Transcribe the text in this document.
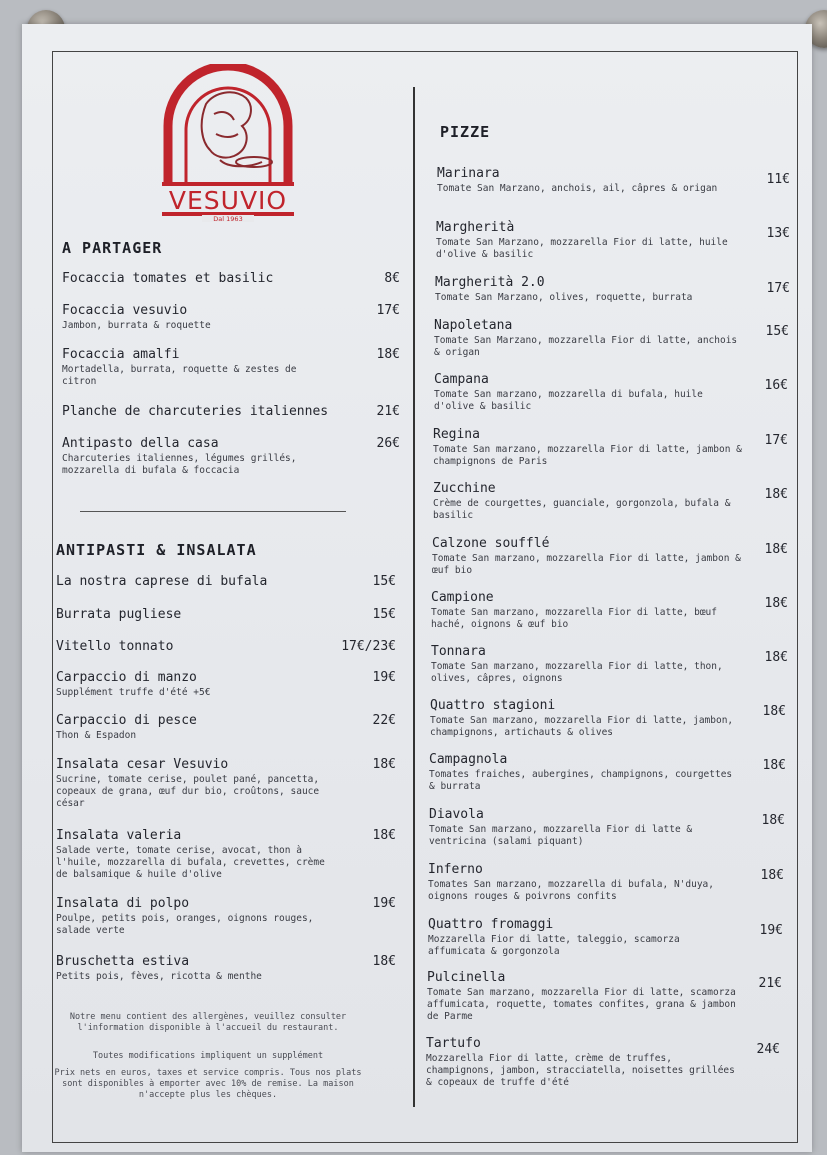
VESUVIO
Dal 1963
A PARTAGER
Focaccia tomates et basilic	8€
Focaccia vesuvio
Jambon, burrata & roquette
17€
Focaccia amalfi
Mortadella, burrata, roquette & zestes de citron
18€
Planche de charcuteries italiennes	21€
Antipasto della casa
Charcuteries italiennes, légumes grillés, mozzarella di bufala & foccacia
26€
ANTIPASTI & INSALATA
La nostra caprese di bufala	15€
Burrata pugliese	15€
Vitello tonnato	17€/23€
Carpaccio di manzo
Supplément truffe d'été +5€
19€
Carpaccio di pesce
Thon & Espadon
22€
Insalata cesar Vesuvio
Sucrine, tomate cerise, poulet pané, pancetta, copeaux de grana, œuf dur bio, croûtons, sauce césar
18€
Insalata valeria
Salade verte, tomate cerise, avocat, thon à l'huile, mozzarella di bufala, crevettes, crème de balsamique & huile d'olive
18€
Insalata di polpo
Poulpe, petits pois, oranges, oignons rouges, salade verte
19€
Bruschetta estiva
Petits pois, fèves, ricotta & menthe
18€
PIZZE
Marinara
Tomate San Marzano, anchois, ail, câpres & origan
11€
Margherità
Tomate San Marzano, mozzarella Fior di latte, huile d'olive & basilic
13€
Margherità 2.0
Tomate San Marzano, olives, roquette, burrata
17€
Napoletana
Tomate San Marzano, mozzarella Fior di latte, anchois & origan
15€
Campana
Tomate San marzano, mozzarella di bufala, huile d'olive & basilic
16€
Regina
Tomate San marzano, mozzarella Fior di latte, jambon & champignons de Paris
17€
Zucchine
Crème de courgettes, guanciale, gorgonzola, bufala & basilic
18€
Calzone soufflé
Tomate San marzano, mozzarella Fior di latte, jambon & œuf bio
18€
Campione
Tomate San marzano, mozzarella Fior di latte, bœuf haché, oignons & œuf bio
18€
Tonnara
Tomate San marzano, mozzarella Fior di latte, thon, olives, câpres, oignons
18€
Quattro stagioni
Tomate San marzano, mozzarella Fior di latte, jambon, champignons, artichauts & olives
18€
Campagnola
Tomates fraiches, aubergines, champignons, courgettes & burrata
18€
Diavola
Tomate San marzano, mozzarella Fior di latte & ventricina (salami piquant)
18€
Inferno
Tomates San marzano, mozzarella di bufala, N'duya, oignons rouges & poivrons confits
18€
Quattro fromaggi
Mozzarella Fior di latte, taleggio, scamorza affumicata & gorgonzola
19€
Pulcinella
Tomate San marzano, mozzarella Fior di latte, scamorza affumicata, roquette, tomates confites, grana & jambon de Parme
21€
Tartufo
Mozzarella Fior di latte, crème de truffes, champignons, jambon, stracciatella, noisettes grillées & copeaux de truffe d'été
24€
Notre menu contient des allergènes, veuillez consulter l'information disponible à l'accueil du restaurant.
Toutes modifications impliquent un supplément
Prix nets en euros, taxes et service compris. Tous nos plats sont disponibles à emporter avec 10% de remise. La maison n'accepte plus les chèques.
